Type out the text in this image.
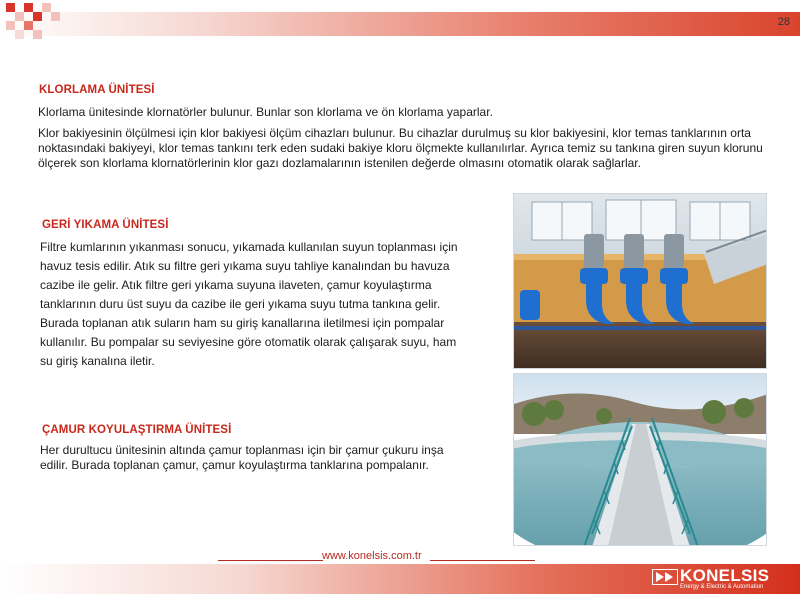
28
KLORLAMA ÜNİTESİ

Klorlama ünitesinde klornatörler bulunur. Bunlar son klorlama ve ön klorlama yaparlar.

Klor bakiyesinin ölçülmesi için klor bakiyesi ölçüm cihazları bulunur. Bu cihazlar durulmuş su klor bakiyesini, klor temas tanklarının orta noktasındaki bakiyeyi, klor temas tankını terk eden sudaki bakiye kloru ölçmekte kullanılırlar. Ayrıca temiz su tankına giren suyun klorunu ölçerek son klorlama klornatörlerinin klor gazı dozlamalarının istenilen değerde olmasını otomatik olarak sağlarlar.

GERİ YIKAMA ÜNİTESİ

Filtre kumlarının yıkanması sonucu, yıkamada kullanılan suyun toplanması için havuz tesis edilir. Atık su filtre geri yıkama suyu tahliye kanalından bu havuza cazibe ile gelir. Atık filtre geri yıkama suyuna ilaveten, çamur koyulaştırma tanklarının duru üst suyu da cazibe ile geri yıkama suyu tutma tankına gelir. Burada toplanan atık suların ham su giriş kanallarına iletilmesi için pompalar kullanılır. Bu pompalar su seviyesine göre otomatik olarak çalışarak suyu, ham su giriş kanalına iletir.

ÇAMUR KOYULAŞTIRMA ÜNİTESİ

Her durultucu ünitesinin altında çamur toplanması için bir çamur çukuru inşa edilir. Burada toplanan çamur, çamur koyulaştırma tanklarına pompalanır.

www.konelsis.com.tr
KONELSIS
Energy & Electric & Automation
